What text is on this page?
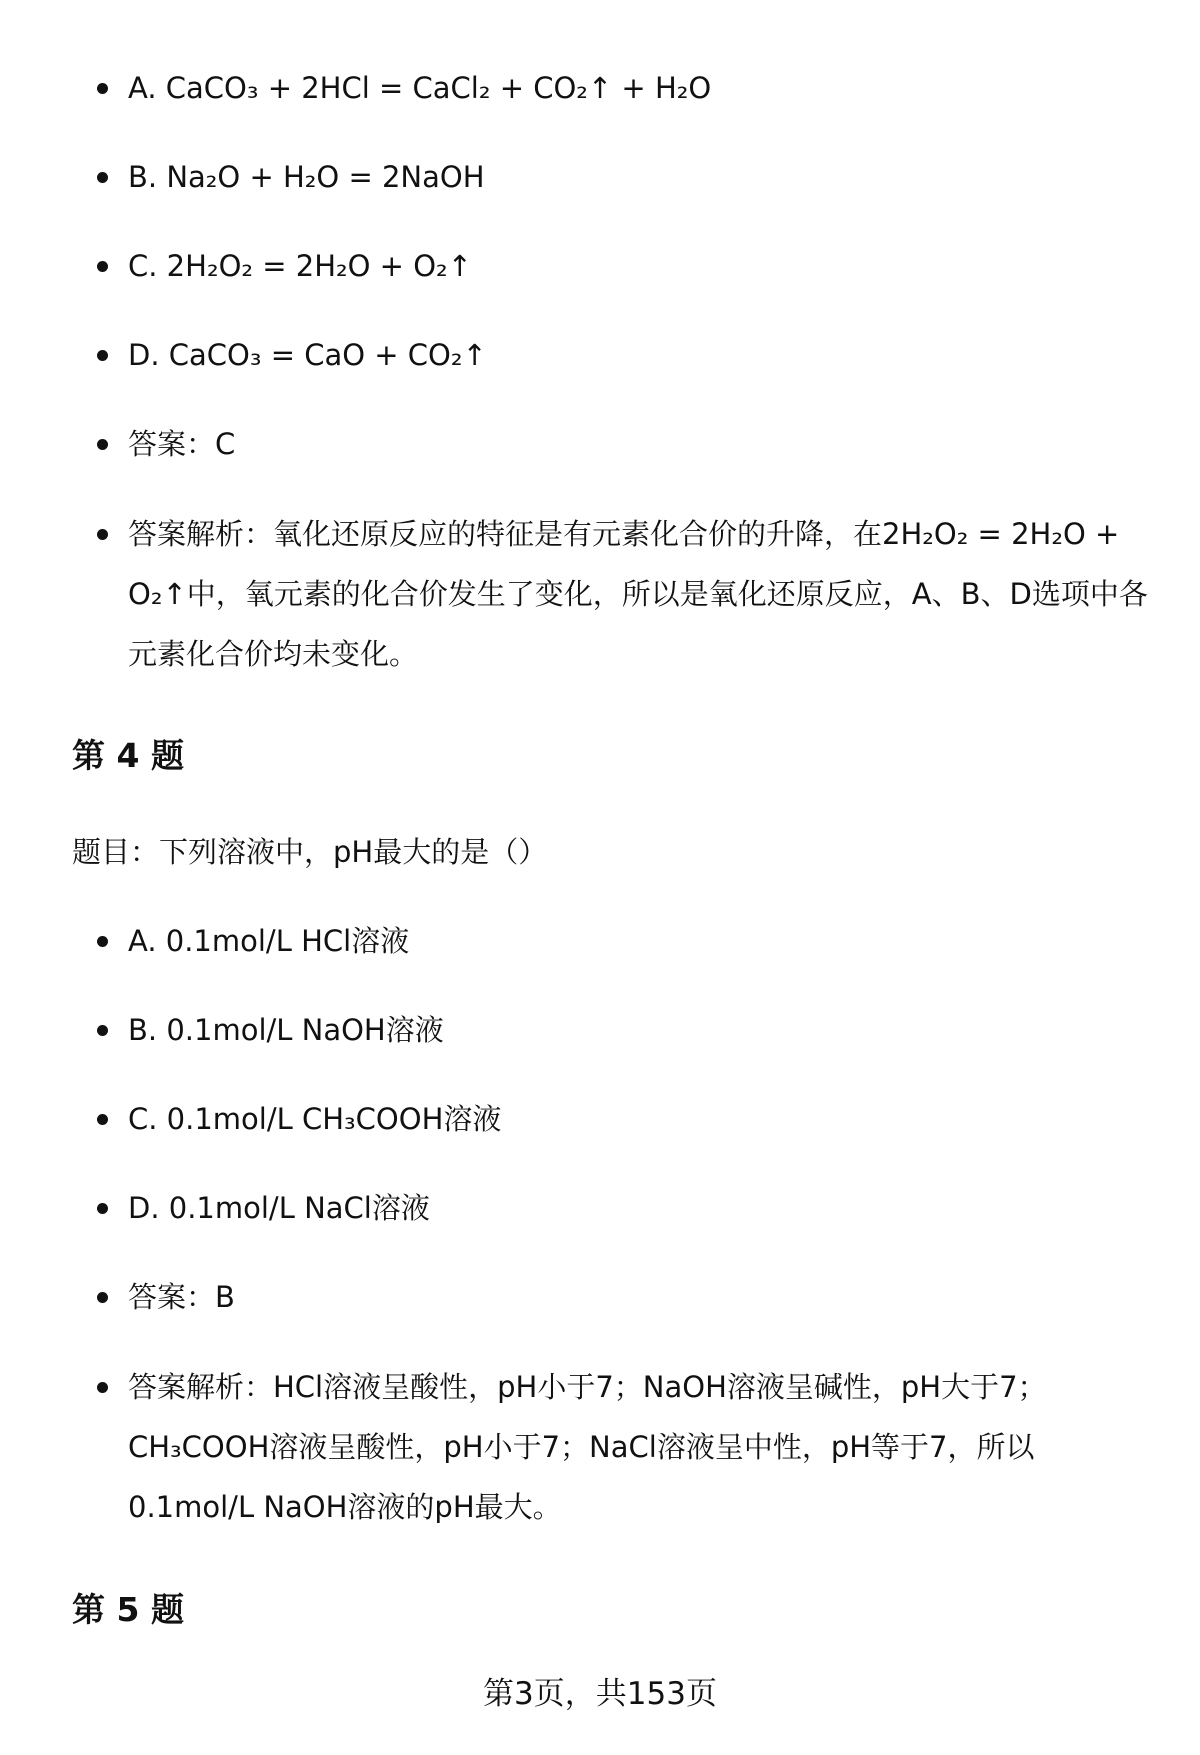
A. CaCO₃ + 2HCl = CaCl₂ + CO₂↑ + H₂O
B. Na₂O + H₂O = 2NaOH
C. 2H₂O₂ = 2H₂O + O₂↑
D. CaCO₃ = CaO + CO₂↑
答案：C
答案解析：氧化还原反应的特征是有元素化合价的升降，在2H₂O₂ = 2H₂O + O₂↑中，氧元素的化合价发生了变化，所以是氧化还原反应，A、B、D选项中各元素化合价均未变化。
第 4 题
题目：下列溶液中，pH最大的是（）
A. 0.1mol/L HCl溶液
B. 0.1mol/L NaOH溶液
C. 0.1mol/L CH₃COOH溶液
D. 0.1mol/L NaCl溶液
答案：B
答案解析：HCl溶液呈酸性，pH小于7；NaOH溶液呈碱性，pH大于7；CH₃COOH溶液呈酸性，pH小于7；NaCl溶液呈中性，pH等于7，所以0.1mol/L NaOH溶液的pH最大。
第 5 题
第3页，共153页
